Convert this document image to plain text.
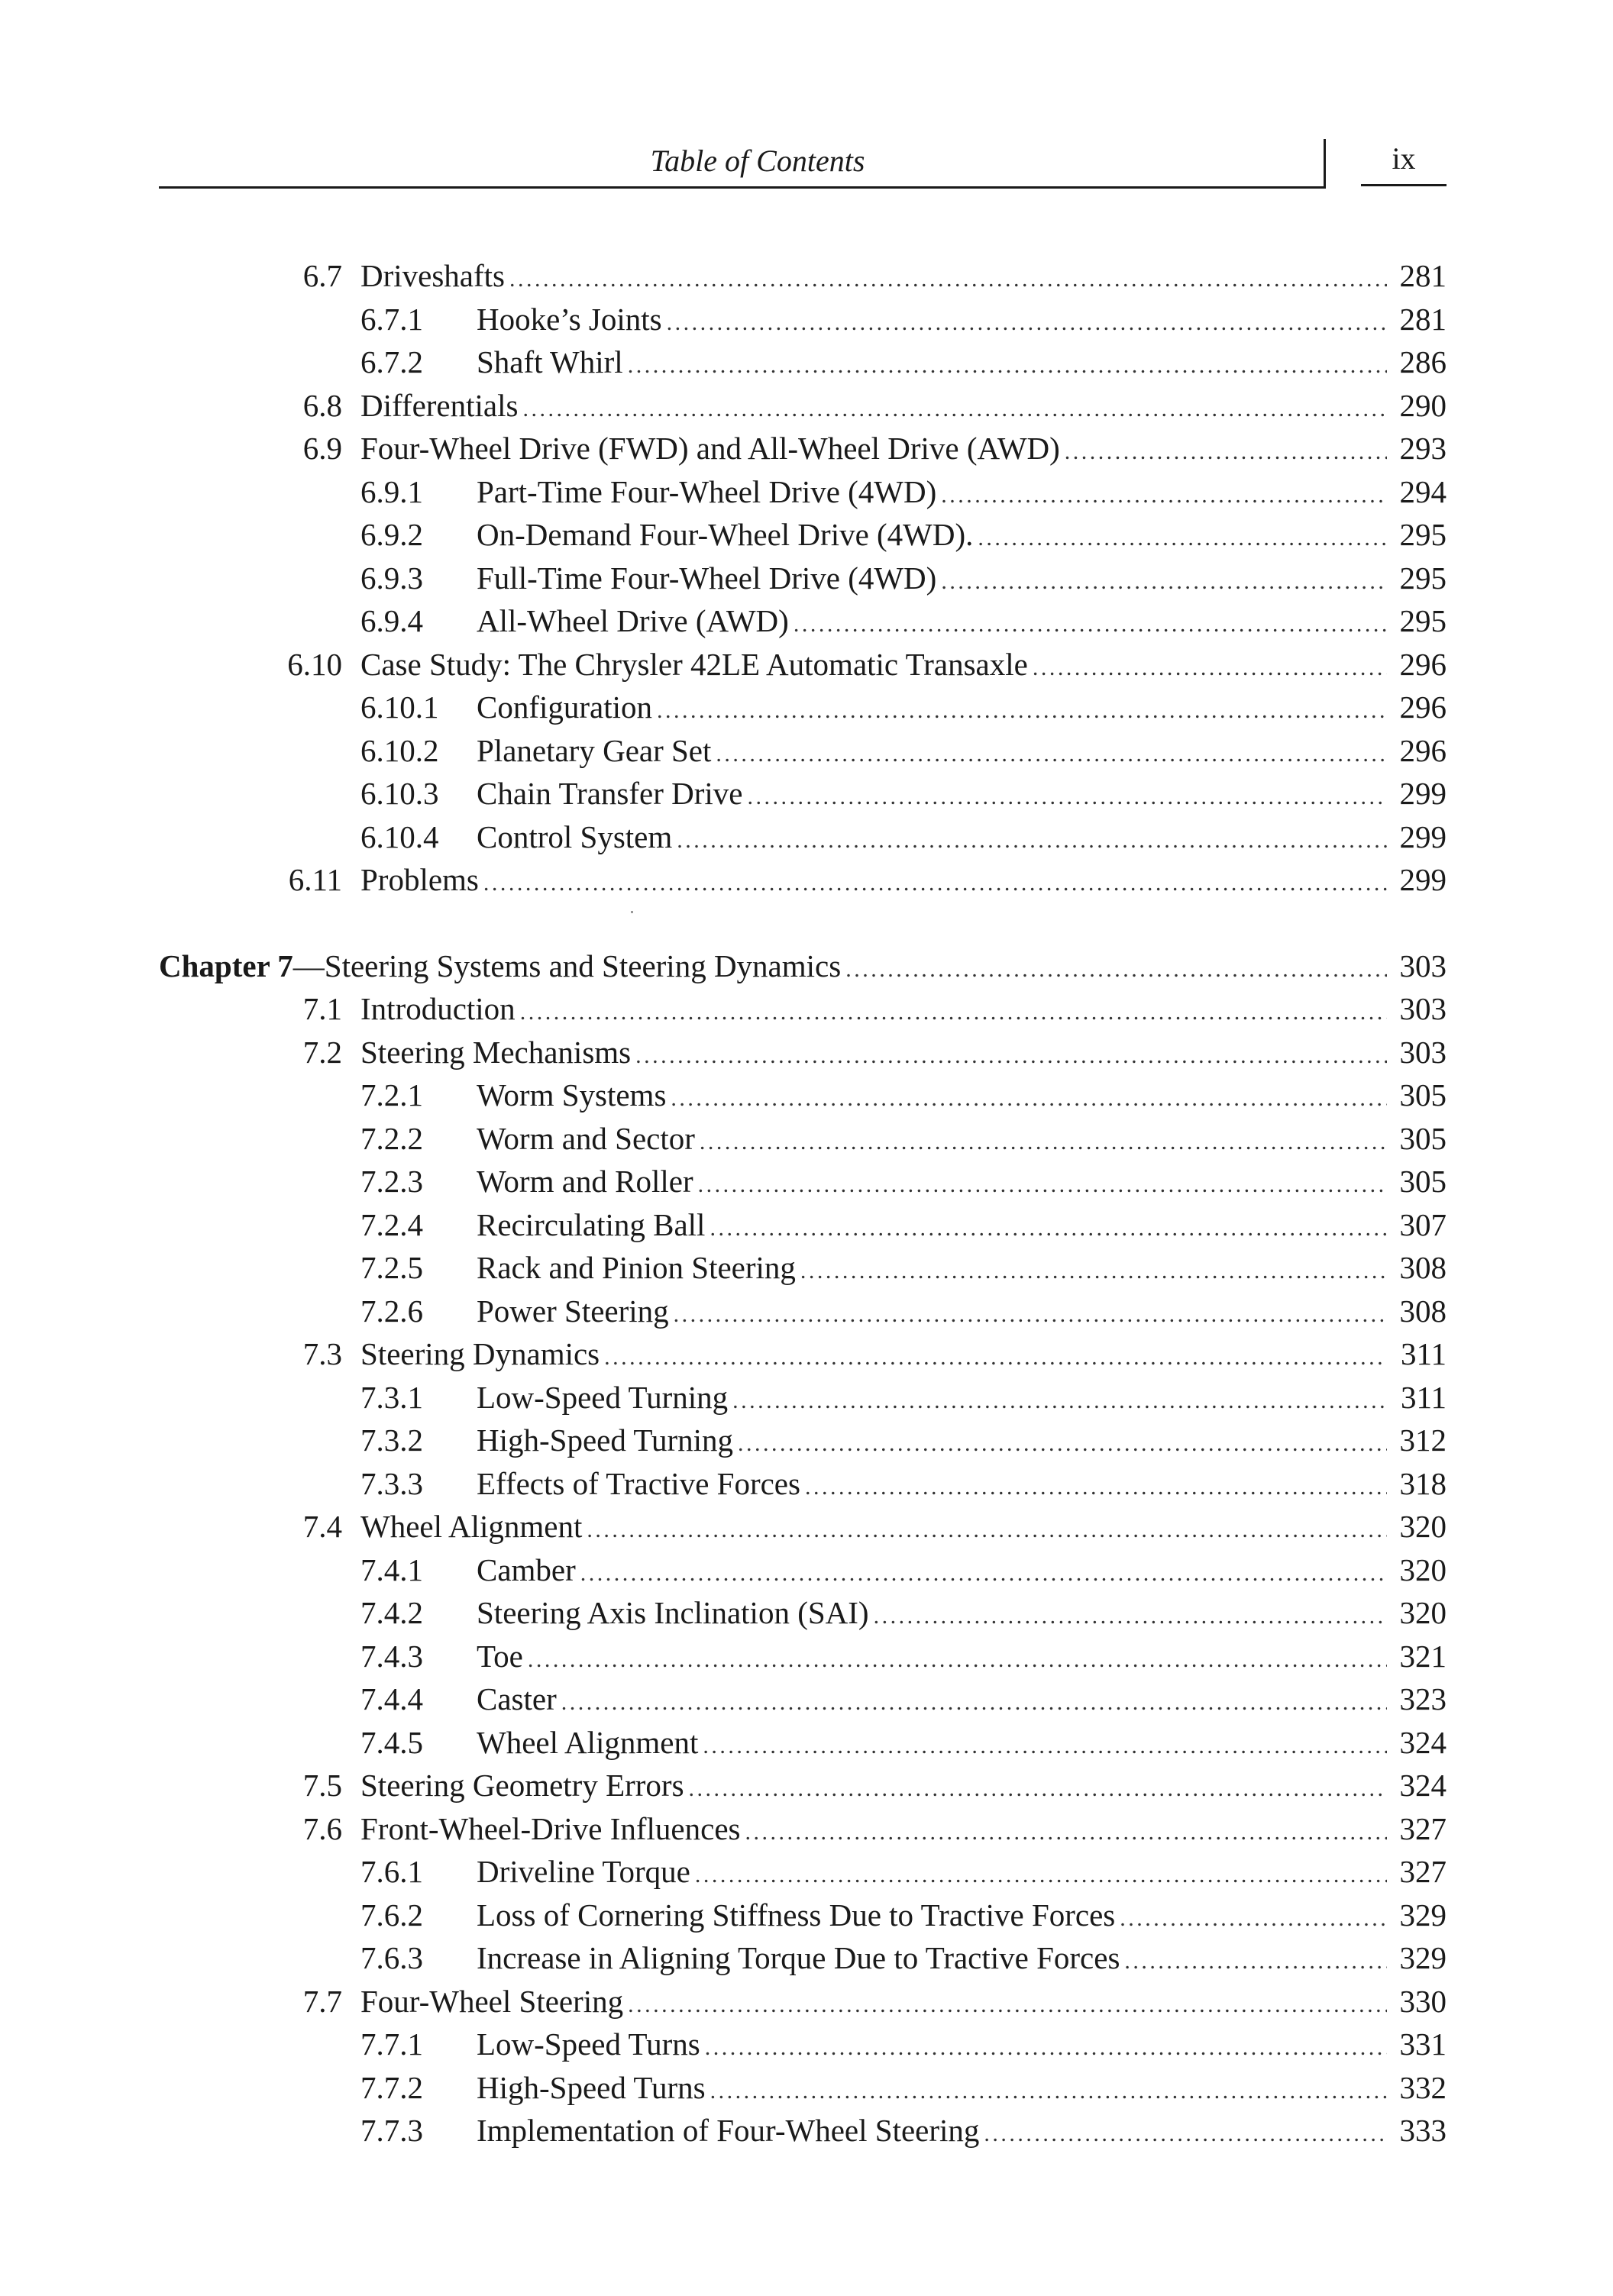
Table of Contents	ix
6.7 Driveshafts . . .	281
6.7.1 Hooke’s Joints . . .	281
6.7.2 Shaft Whirl . . .	286
6.8 Differentials . . .	290
6.9 Four-Wheel Drive (FWD) and All-Wheel Drive (AWD) . . .	293
6.9.1 Part-Time Four-Wheel Drive (4WD) . . .	294
6.9.2 On-Demand Four-Wheel Drive (4WD). . . .	295
6.9.3 Full-Time Four-Wheel Drive (4WD) . . .	295
6.9.4 All-Wheel Drive (AWD) . . .	295
6.10 Case Study: The Chrysler 42LE Automatic Transaxle . . .	296
6.10.1 Configuration . . .	296
6.10.2 Planetary Gear Set . . .	296
6.10.3 Chain Transfer Drive . . .	299
6.10.4 Control System . . .	299
6.11 Problems . . .	299
Chapter 7—Steering Systems and Steering Dynamics . . .	303
7.1 Introduction . . .	303
7.2 Steering Mechanisms . . .	303
7.2.1 Worm Systems . . .	305
7.2.2 Worm and Sector . . .	305
7.2.3 Worm and Roller . . .	305
7.2.4 Recirculating Ball . . .	307
7.2.5 Rack and Pinion Steering . . .	308
7.2.6 Power Steering . . .	308
7.3 Steering Dynamics . . .	311
7.3.1 Low-Speed Turning . . .	311
7.3.2 High-Speed Turning . . .	312
7.3.3 Effects of Tractive Forces . . .	318
7.4 Wheel Alignment . . .	320
7.4.1 Camber . . .	320
7.4.2 Steering Axis Inclination (SAI) . . .	320
7.4.3 Toe . . .	321
7.4.4 Caster . . .	323
7.4.5 Wheel Alignment . . .	324
7.5 Steering Geometry Errors . . .	324
7.6 Front-Wheel-Drive Influences . . .	327
7.6.1 Driveline Torque . . .	327
7.6.2 Loss of Cornering Stiffness Due to Tractive Forces . . .	329
7.6.3 Increase in Aligning Torque Due to Tractive Forces . . .	329
7.7 Four-Wheel Steering . . .	330
7.7.1 Low-Speed Turns . . .	331
7.7.2 High-Speed Turns . . .	332
7.7.3 Implementation of Four-Wheel Steering . . .	333
